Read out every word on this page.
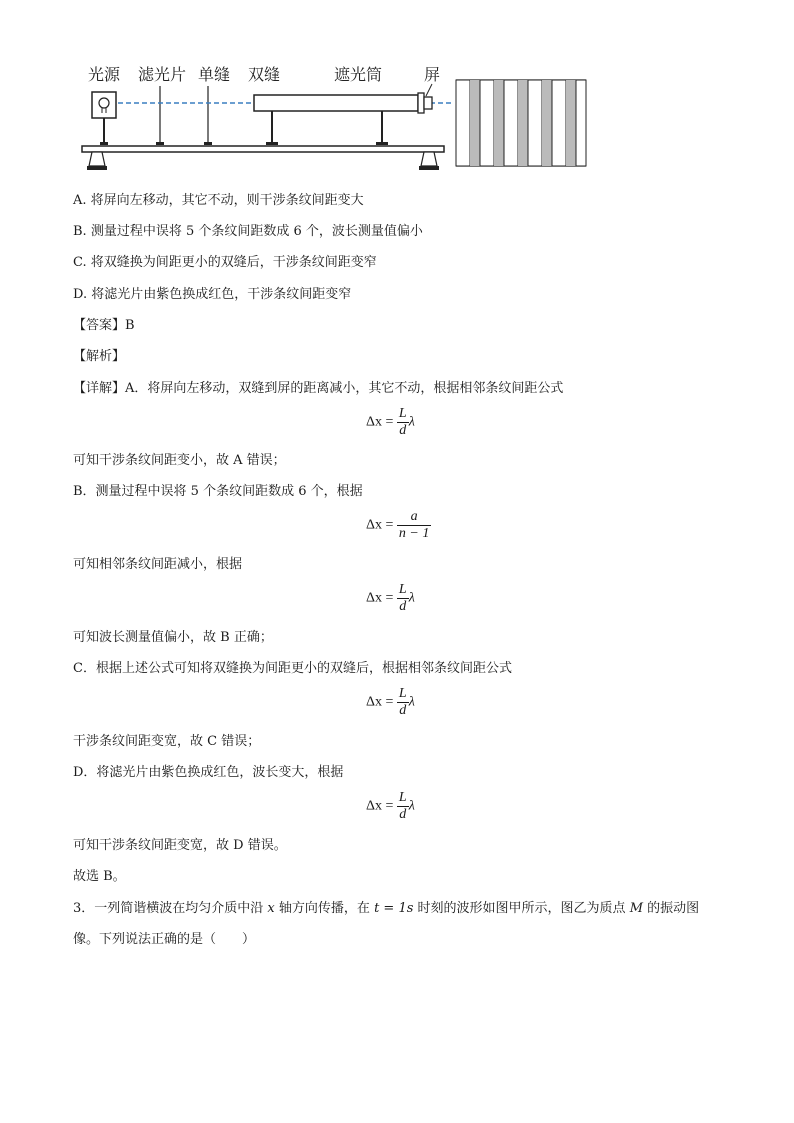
光源 滤光片 单缝 双缝	遮光筒	屏
A. 将屏向左移动，其它不动，则干涉条纹间距变大
B. 测量过程中误将 5 个条纹间距数成 6 个，波长测量值偏小
C. 将双缝换为间距更小的双缝后，干涉条纹间距变窄
D. 将滤光片由紫色换成红色，干涉条纹间距变窄
【答案】B
【解析】
【详解】A．将屏向左移动，双缝到屏的距离减小，其它不动，根据相邻条纹间距公式
$\Delta x = \frac{L}{d}$ λ
可知干涉条纹间距变小，故 A 错误；
B．测量过程中误将 5 个条纹间距数成 6 个，根据
$\Delta x = \frac{a}{n - 1}$
可知相邻条纹间距减小，根据
$\Delta x = \frac{L}{d}$ λ
可知波长测量值偏小，故 B 正确；
C．根据上述公式可知将双缝换为间距更小的双缝后，根据相邻条纹间距公式
$\Delta x = \frac{L}{d}$ λ
干涉条纹间距变宽，故 C 错误；
D．将滤光片由紫色换成红色，波长变大，根据
$\Delta x = \frac{L}{d}$ λ
可知干涉条纹间距变宽，故 D 错误。
故选 B。
3．一列简谐横波在均匀介质中沿 x 轴方向传播，在 t = 1s 时刻的波形如图甲所示，图乙为质点 M 的振动图
像。下列说法正确的是（　　）
